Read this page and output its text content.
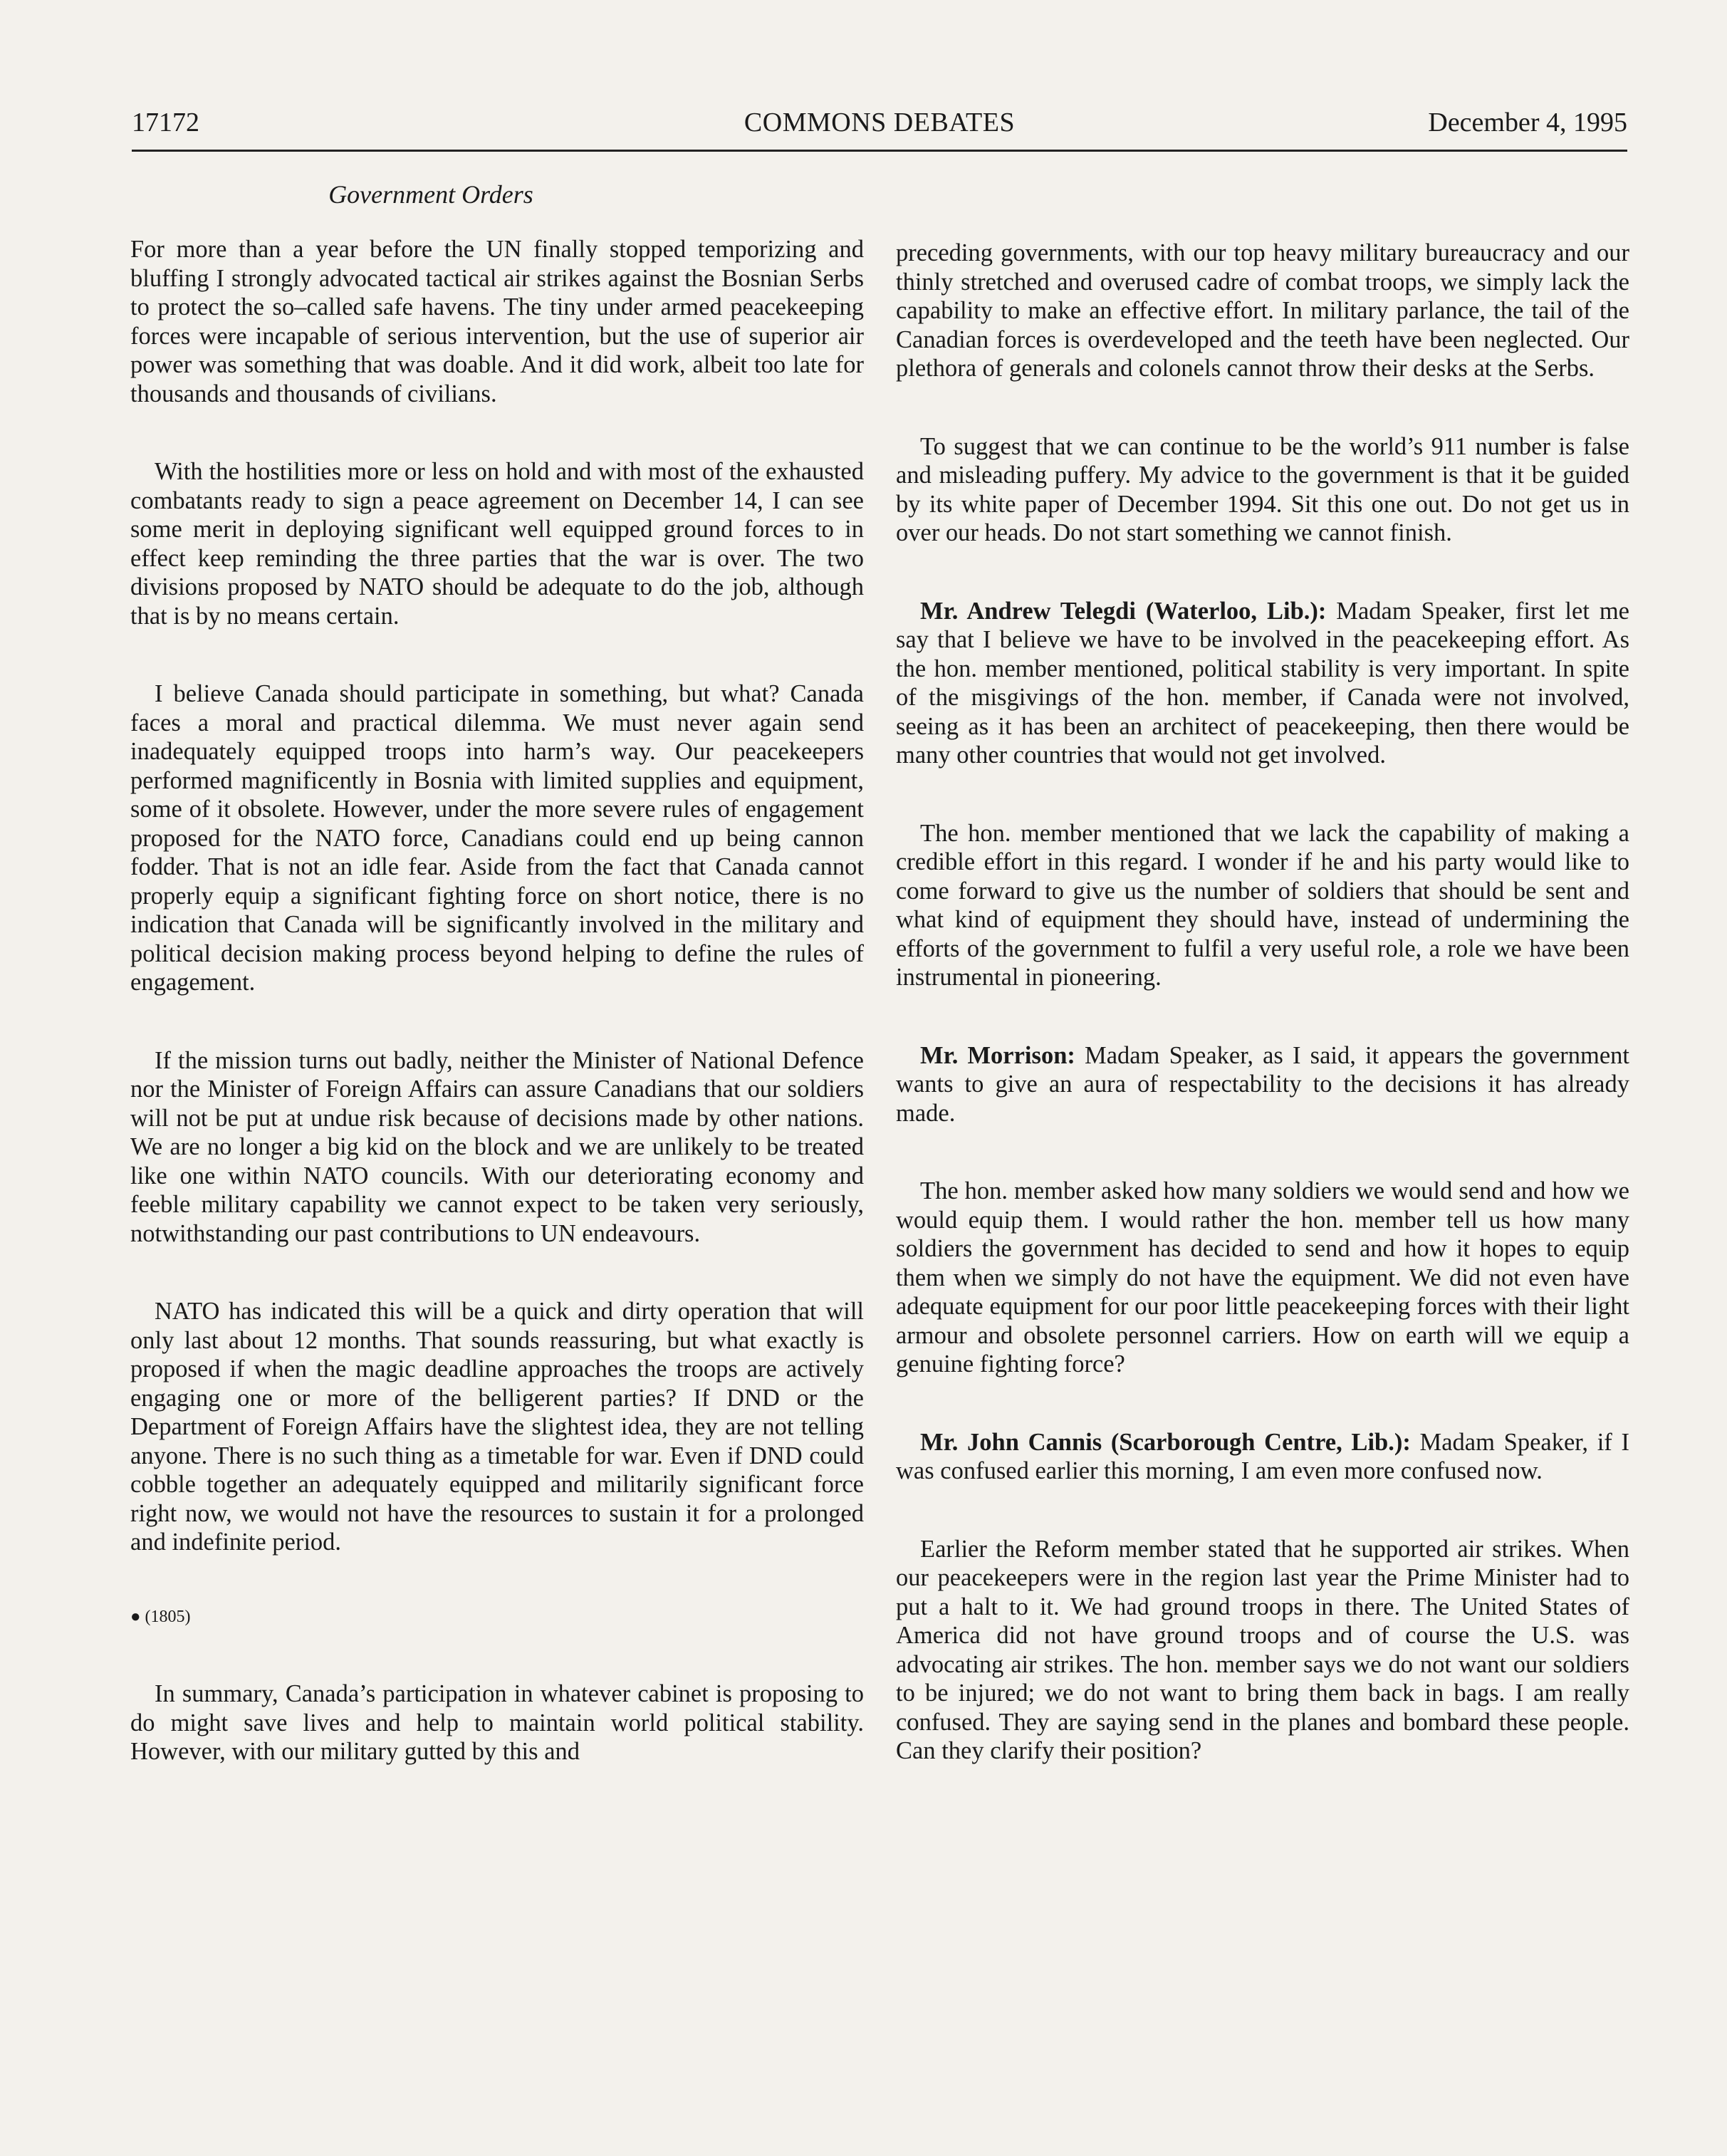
COMMONS DEBATES
17172	December 4, 1995
Government Orders

For more than a year before the UN finally stopped temporizing and bluffing I strongly advocated tactical air strikes against the Bosnian Serbs to protect the so–called safe havens. The tiny under armed peacekeeping forces were incapable of serious intervention, but the use of superior air power was something that was doable. And it did work, albeit too late for thousands and thousands of civilians.

With the hostilities more or less on hold and with most of the exhausted combatants ready to sign a peace agreement on December 14, I can see some merit in deploying significant well equipped ground forces to in effect keep reminding the three parties that the war is over. The two divisions proposed by NATO should be adequate to do the job, although that is by no means certain.

I believe Canada should participate in something, but what? Canada faces a moral and practical dilemma. We must never again send inadequately equipped troops into harm’s way. Our peacekeepers performed magnificently in Bosnia with limited supplies and equipment, some of it obsolete. However, under the more severe rules of engagement proposed for the NATO force, Canadians could end up being cannon fodder. That is not an idle fear. Aside from the fact that Canada cannot properly equip a significant fighting force on short notice, there is no indication that Canada will be significantly involved in the military and political decision making process beyond helping to define the rules of engagement.

If the mission turns out badly, neither the Minister of National Defence nor the Minister of Foreign Affairs can assure Canadians that our soldiers will not be put at undue risk because of decisions made by other nations. We are no longer a big kid on the block and we are unlikely to be treated like one within NATO councils. With our deteriorating economy and feeble military capability we cannot expect to be taken very seriously, notwithstanding our past contributions to UN endeavours.

NATO has indicated this will be a quick and dirty operation that will only last about 12 months. That sounds reassuring, but what exactly is proposed if when the magic deadline approaches the troops are actively engaging one or more of the belligerent parties? If DND or the Department of Foreign Affairs have the slightest idea, they are not telling anyone. There is no such thing as a timetable for war. Even if DND could cobble together an adequately equipped and militarily significant force right now, we would not have the resources to sustain it for a prolonged and indefinite period.

● (1805)

In summary, Canada’s participation in whatever cabinet is proposing to do might save lives and help to maintain world political stability. However, with our military gutted by this and

preceding governments, with our top heavy military bureaucracy and our thinly stretched and overused cadre of combat troops, we simply lack the capability to make an effective effort. In military parlance, the tail of the Canadian forces is overdeveloped and the teeth have been neglected. Our plethora of generals and colonels cannot throw their desks at the Serbs.

To suggest that we can continue to be the world’s 911 number is false and misleading puffery. My advice to the government is that it be guided by its white paper of December 1994. Sit this one out. Do not get us in over our heads. Do not start something we cannot finish.

Mr. Andrew Telegdi (Waterloo, Lib.): Madam Speaker, first let me say that I believe we have to be involved in the peacekeeping effort. As the hon. member mentioned, political stability is very important. In spite of the misgivings of the hon. member, if Canada were not involved, seeing as it has been an architect of peacekeeping, then there would be many other countries that would not get involved.

The hon. member mentioned that we lack the capability of making a credible effort in this regard. I wonder if he and his party would like to come forward to give us the number of soldiers that should be sent and what kind of equipment they should have, instead of undermining the efforts of the government to fulfil a very useful role, a role we have been instrumental in pioneering.

Mr. Morrison: Madam Speaker, as I said, it appears the government wants to give an aura of respectability to the decisions it has already made.

The hon. member asked how many soldiers we would send and how we would equip them. I would rather the hon. member tell us how many soldiers the government has decided to send and how it hopes to equip them when we simply do not have the equipment. We did not even have adequate equipment for our poor little peacekeeping forces with their light armour and obsolete personnel carriers. How on earth will we equip a genuine fighting force?

Mr. John Cannis (Scarborough Centre, Lib.): Madam Speaker, if I was confused earlier this morning, I am even more confused now.

Earlier the Reform member stated that he supported air strikes. When our peacekeepers were in the region last year the Prime Minister had to put a halt to it. We had ground troops in there. The United States of America did not have ground troops and of course the U.S. was advocating air strikes. The hon. member says we do not want our soldiers to be injured; we do not want to bring them back in bags. I am really confused. They are saying send in the planes and bombard these people. Can they clarify their position?
